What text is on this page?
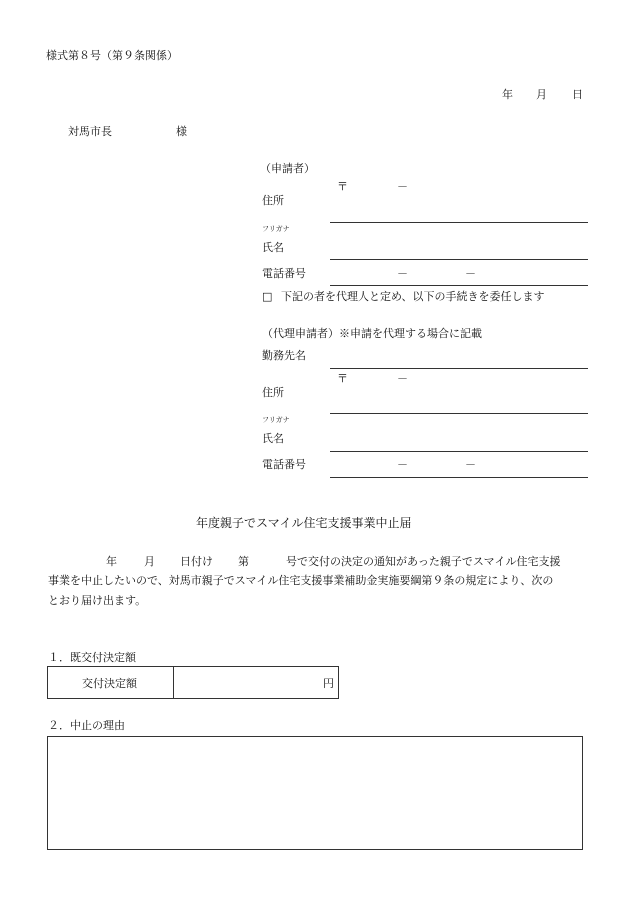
様式第８号（第９条関係）
年 月 日
対馬市長	様
（申請者）
〒	－
住所
フリガナ
氏名
電話番号	－	－
□ 下記の者を代理人と定め、以下の手続きを委任します
（代理申請者）※申請を代理する場合に記載
勤務先名
〒	－
住所
フリガナ
氏名
電話番号	－	－
年度親子でスマイル住宅支援事業中止届
年 月 日付け 第	号で交付の決定の通知があった親子でスマイル住宅支援
事業を中止したいので、対馬市親子でスマイル住宅支援事業補助金実施要綱第９条の規定により、次の
とおり届け出ます。
１．既交付決定額
交付決定額	円
２．中止の理由
